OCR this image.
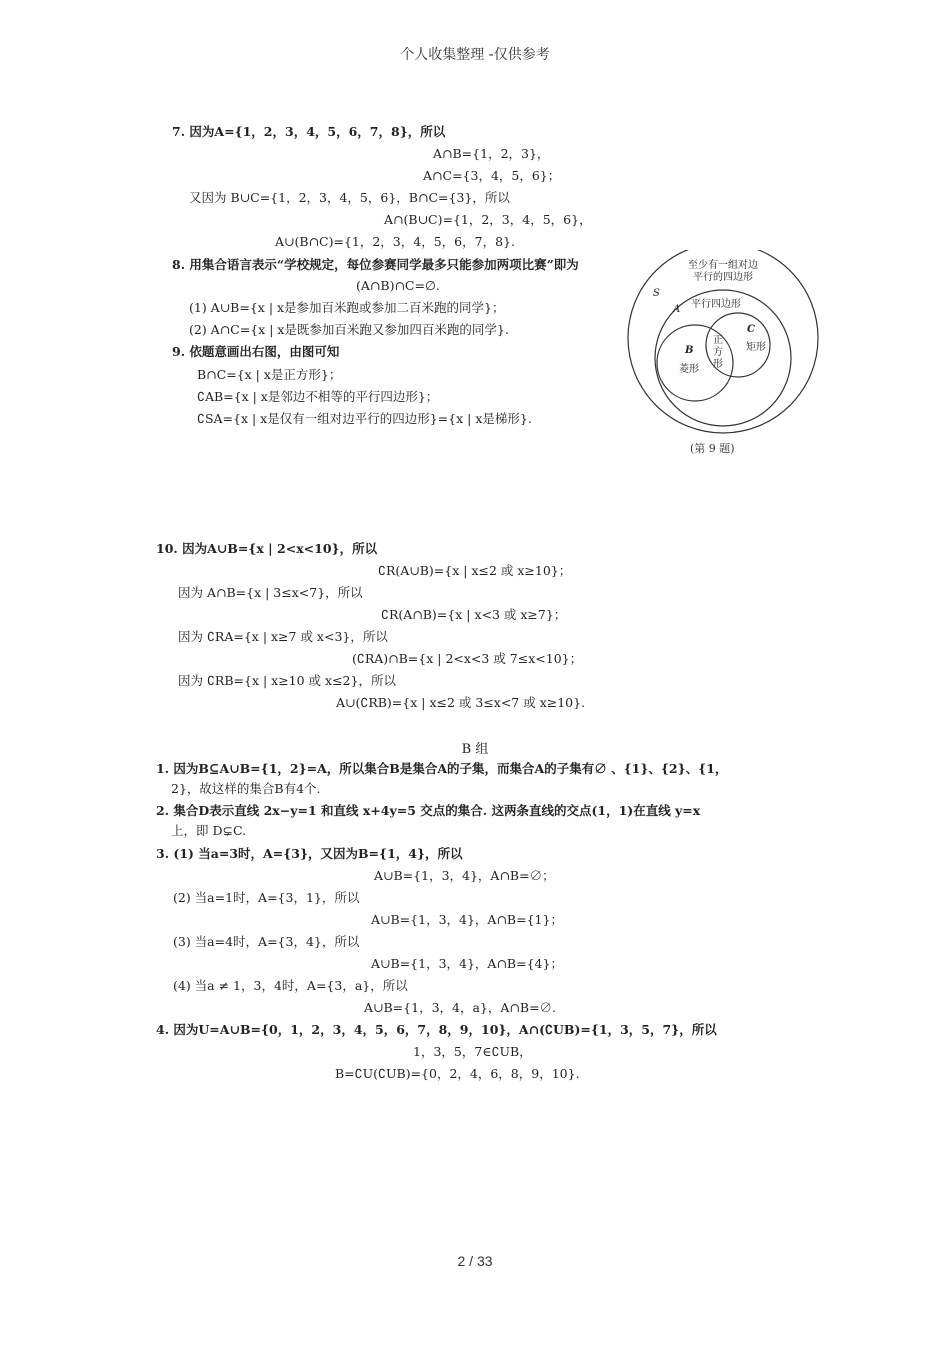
个人收集整理 -仅供参考
7. 因为A={1，2，3，4，5，6，7，8}，所以
A∩B={1，2，3}，
A∩C={3，4，5，6}；
又因为 B∪C={1，2，3，4，5，6}，B∩C={3}，所以
A∩(B∪C)={1，2，3，4，5，6}，
A∪(B∩C)={1，2，3，4，5，6，7，8}.
8. 用集合语言表示“学校规定，每位参赛同学最多只能参加两项比赛”即为
(A∩B)∩C=∅.
(1) A∪B={x | x是参加百米跑或参加二百米跑的同学}；
(2) A∩C={x | x是既参加百米跑又参加四百米跑的同学}.
9. 依题意画出右图，由图可知
B∩C={x | x是正方形}；
∁AB={x | x是邻边不相等的平行四边形}；
∁SA={x | x是仅有一组对边平行的四边形}={x | x是梯形}.
至少有一组对边
平行的四边形
S
A 平行四边形
B
菱形
C
矩形
正
方
形
(第 9 题)
10. 因为A∪B={x | 2<x<10}，所以
∁R(A∪B)={x | x≤2 或 x≥10}；
因为 A∩B={x | 3≤x<7}，所以
∁R(A∩B)={x | x<3 或 x≥7}；
因为 ∁RA={x | x≥7 或 x<3}，所以
(∁RA)∩B={x | 2<x<3 或 7≤x<10}；
因为 ∁RB={x | x≥10 或 x≤2}，所以
A∪(∁RB)={x | x≤2 或 3≤x<7 或 x≥10}.
B 组
1. 因为B⊆A∪B={1，2}=A，所以集合B是集合A的子集，而集合A的子集有∅ 、{1}、{2}、{1，
2}，故这样的集合B有4个.
2. 集合D表示直线 2x−y=1 和直线 x+4y=5 交点的集合. 这两条直线的交点(1，1)在直线 y=x
上，即 D⊊C.
3. (1) 当a=3时，A={3}，又因为B={1，4}，所以
A∪B={1，3，4}，A∩B=∅；
(2) 当a=1时，A={3，1}，所以
A∪B={1，3，4}，A∩B={1}；
(3) 当a=4时，A={3，4}，所以
A∪B={1，3，4}，A∩B={4}；
(4) 当a ≠ 1，3，4时，A={3，a}，所以
A∪B={1，3，4，a}，A∩B=∅.
4. 因为U=A∪B={0，1，2，3，4，5，6，7，8，9，10}，A∩(∁UB)={1，3，5，7}，所以
1，3，5，7∈∁UB，
B=∁U(∁UB)={0，2，4，6，8，9，10}.
2 / 33
